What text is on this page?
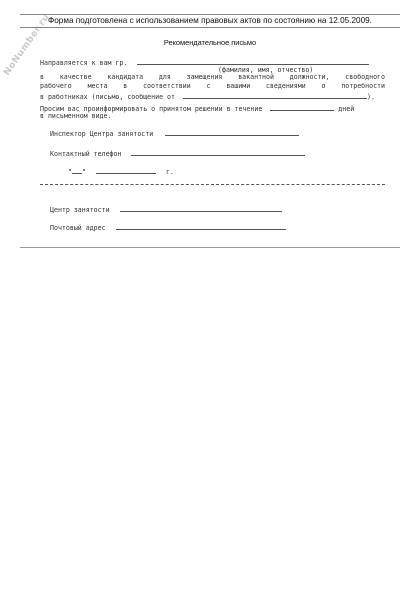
NoNumber.ru
Форма подготовлена с использованием правовых актов по состоянию на 12.05.2009.
Рекомендательное письмо
Направляется к вам гр.
(фамилия, имя, отчество)
в качестве кандидата для замещения вакантной должности, свободного
рабочего места в соответствии с вашими сведениями о потребности
в работниках (письмо, сообщение от	).
Просим вас проинформировать о принятом решении в течение	дней
в письменном виде.
Инспектор Центра занятости
Контактный телефон
" "	г.
Центр занятости
Почтовый адрес
